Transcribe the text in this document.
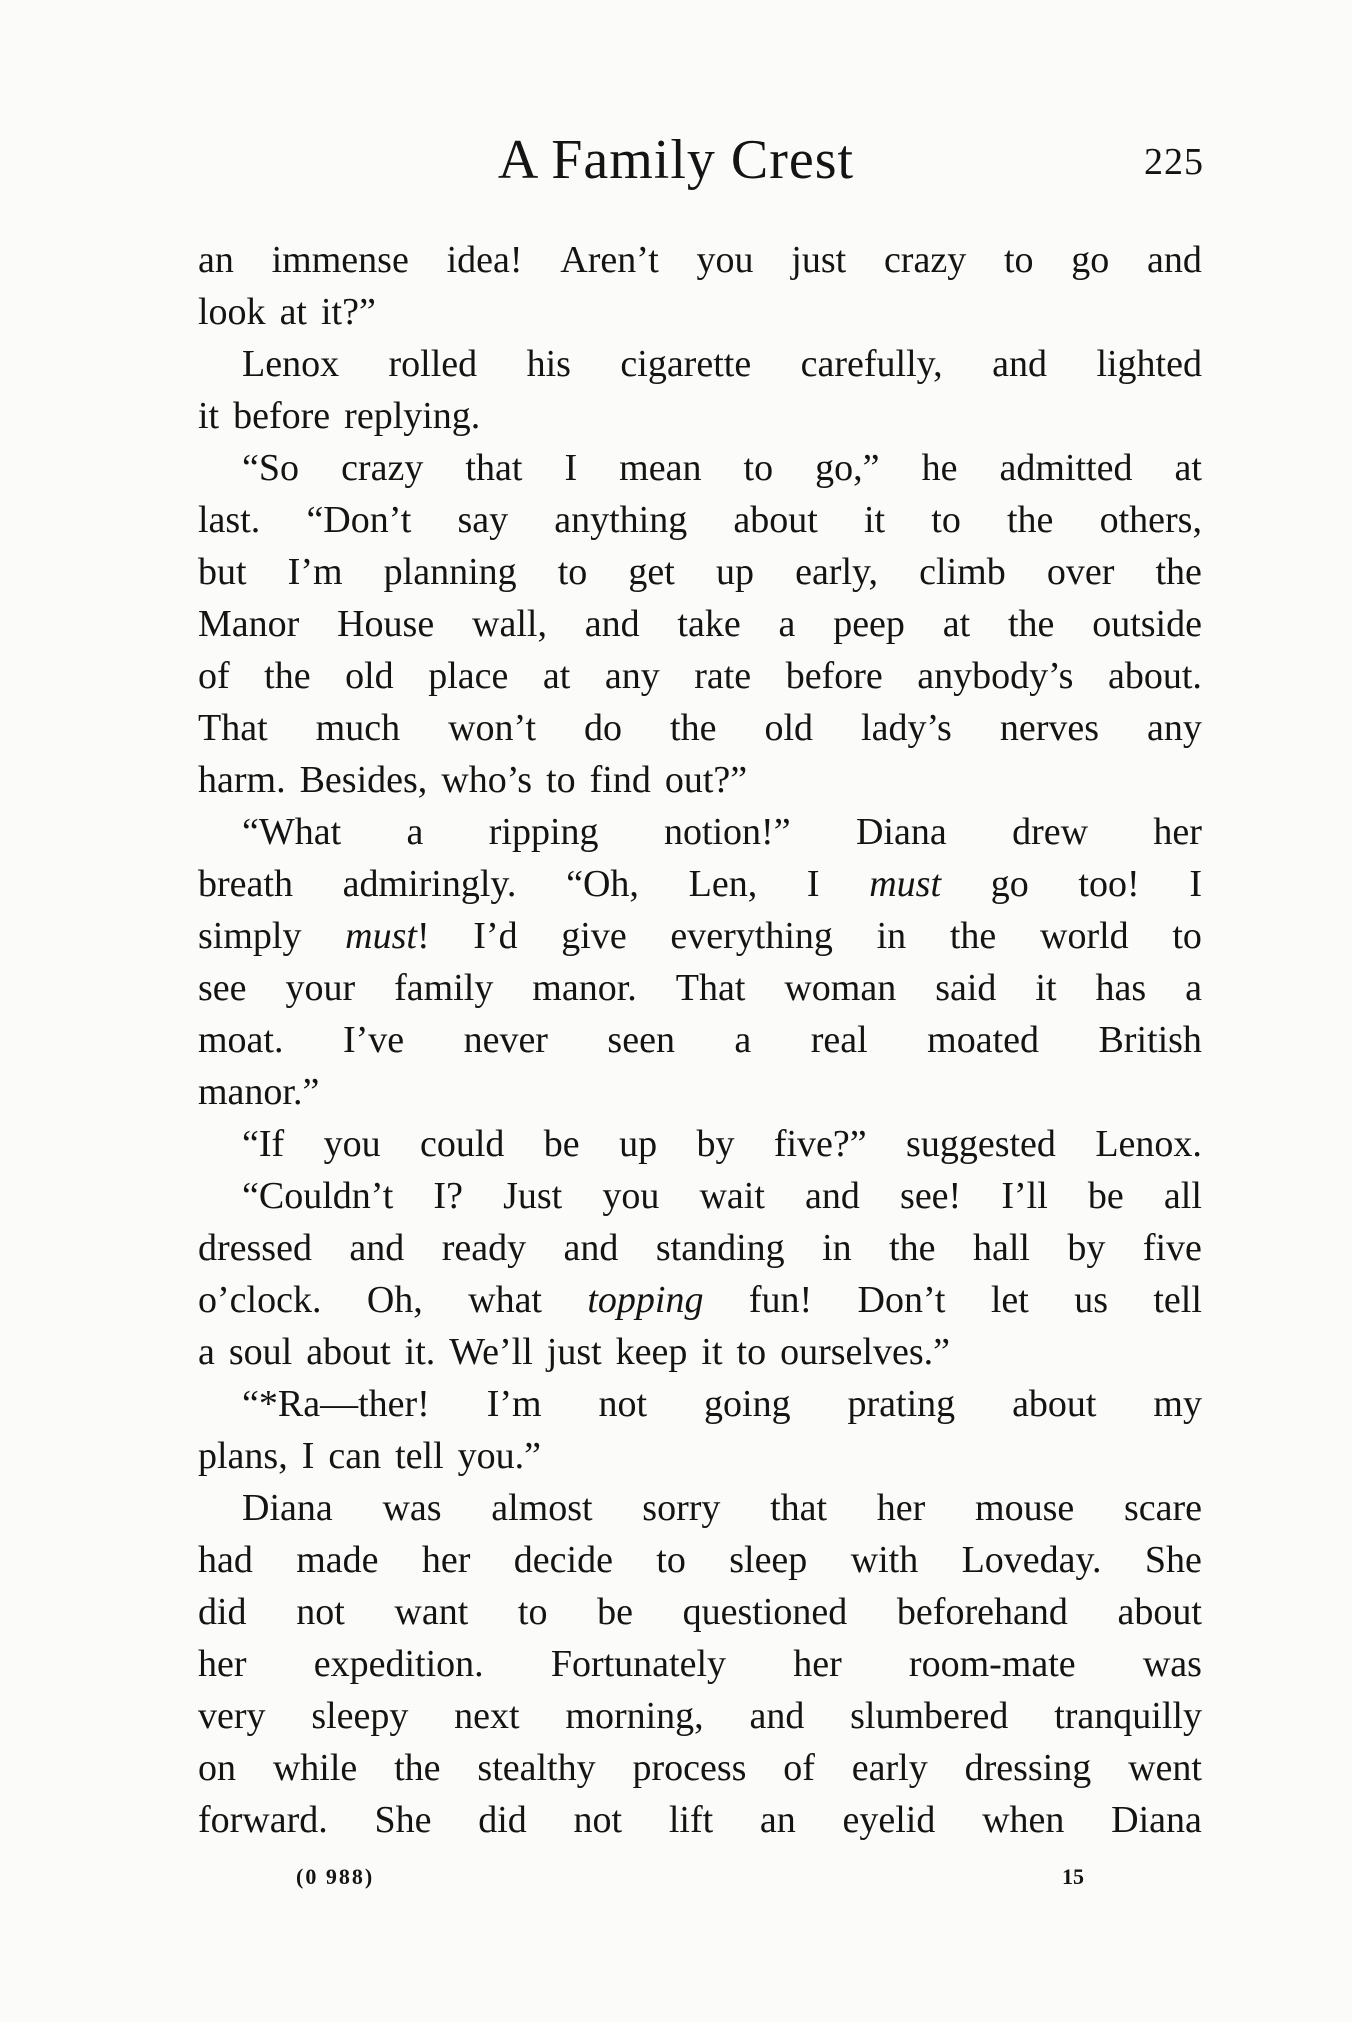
A Family Crest	225
an immense idea! Aren’t you just crazy to go and
look at it?”
Lenox rolled his cigarette carefully, and lighted
it before replying.
“So crazy that I mean to go,” he admitted at
last. “Don’t say anything about it to the others,
but I’m planning to get up early, climb over the
Manor House wall, and take a peep at the outside
of the old place at any rate before anybody’s about.
That much won’t do the old lady’s nerves any
harm. Besides, who’s to find out?”
“What a ripping notion!” Diana drew her
breath admiringly. “Oh, Len, I must go too! I
simply must! I’d give everything in the world to
see your family manor. That woman said it has a
moat. I’ve never seen a real moated British
manor.”
“If you could be up by five?” suggested Lenox.
“Couldn’t I? Just you wait and see! I’ll be all
dressed and ready and standing in the hall by five
o’clock. Oh, what topping fun! Don’t let us tell
a soul about it. We’ll just keep it to ourselves.”
“*Ra—ther! I’m not going prating about my
plans, I can tell you.”
Diana was almost sorry that her mouse scare
had made her decide to sleep with Loveday. She
did not want to be questioned beforehand about
her expedition. Fortunately her room-mate was
very sleepy next morning, and slumbered tranquilly
on while the stealthy process of early dressing went
forward. She did not lift an eyelid when Diana
(0 988)	15
